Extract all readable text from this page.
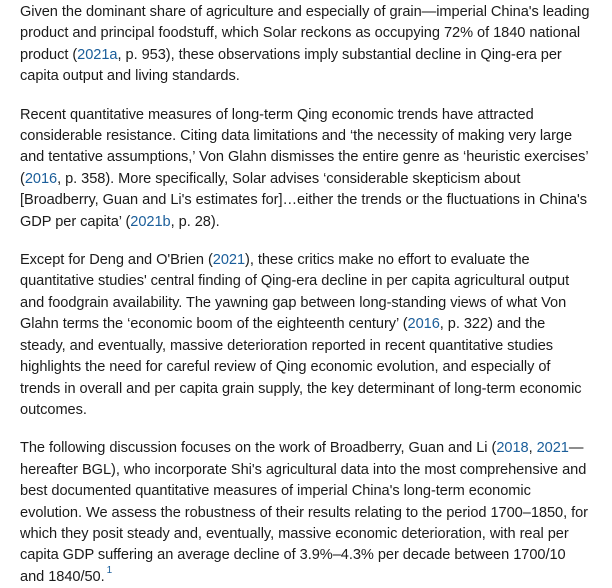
Given the dominant share of agriculture and especially of grain—imperial China's leading product and principal foodstuff, which Solar reckons as occupying 72% of 1840 national product (2021a, p. 953), these observations imply substantial decline in Qing-era per capita output and living standards.

Recent quantitative measures of long-term Qing economic trends have attracted considerable resistance. Citing data limitations and ‘the necessity of making very large and tentative assumptions,’ Von Glahn dismisses the entire genre as ‘heuristic exercises’ (2016, p. 358). More specifically, Solar advises ‘considerable skepticism about [Broadberry, Guan and Li's estimates for]…either the trends or the fluctuations in China's GDP per capita’ (2021b, p. 28).

Except for Deng and O'Brien (2021), these critics make no effort to evaluate the quantitative studies' central finding of Qing-era decline in per capita agricultural output and foodgrain availability. The yawning gap between long-standing views of what Von Glahn terms the ‘economic boom of the eighteenth century’ (2016, p. 322) and the steady, and eventually, massive deterioration reported in recent quantitative studies highlights the need for careful review of Qing economic evolution, and especially of trends in overall and per capita grain supply, the key determinant of long-term economic outcomes.

The following discussion focuses on the work of Broadberry, Guan and Li (2018, 2021—hereafter BGL), who incorporate Shi's agricultural data into the most comprehensive and best documented quantitative measures of imperial China's long-term economic evolution. We assess the robustness of their results relating to the period 1700–1850, for which they posit steady and, eventually, massive economic deterioration, with real per capita GDP suffering an average decline of 3.9%–4.3% per decade between 1700/10 and 1840/50. $^1$
